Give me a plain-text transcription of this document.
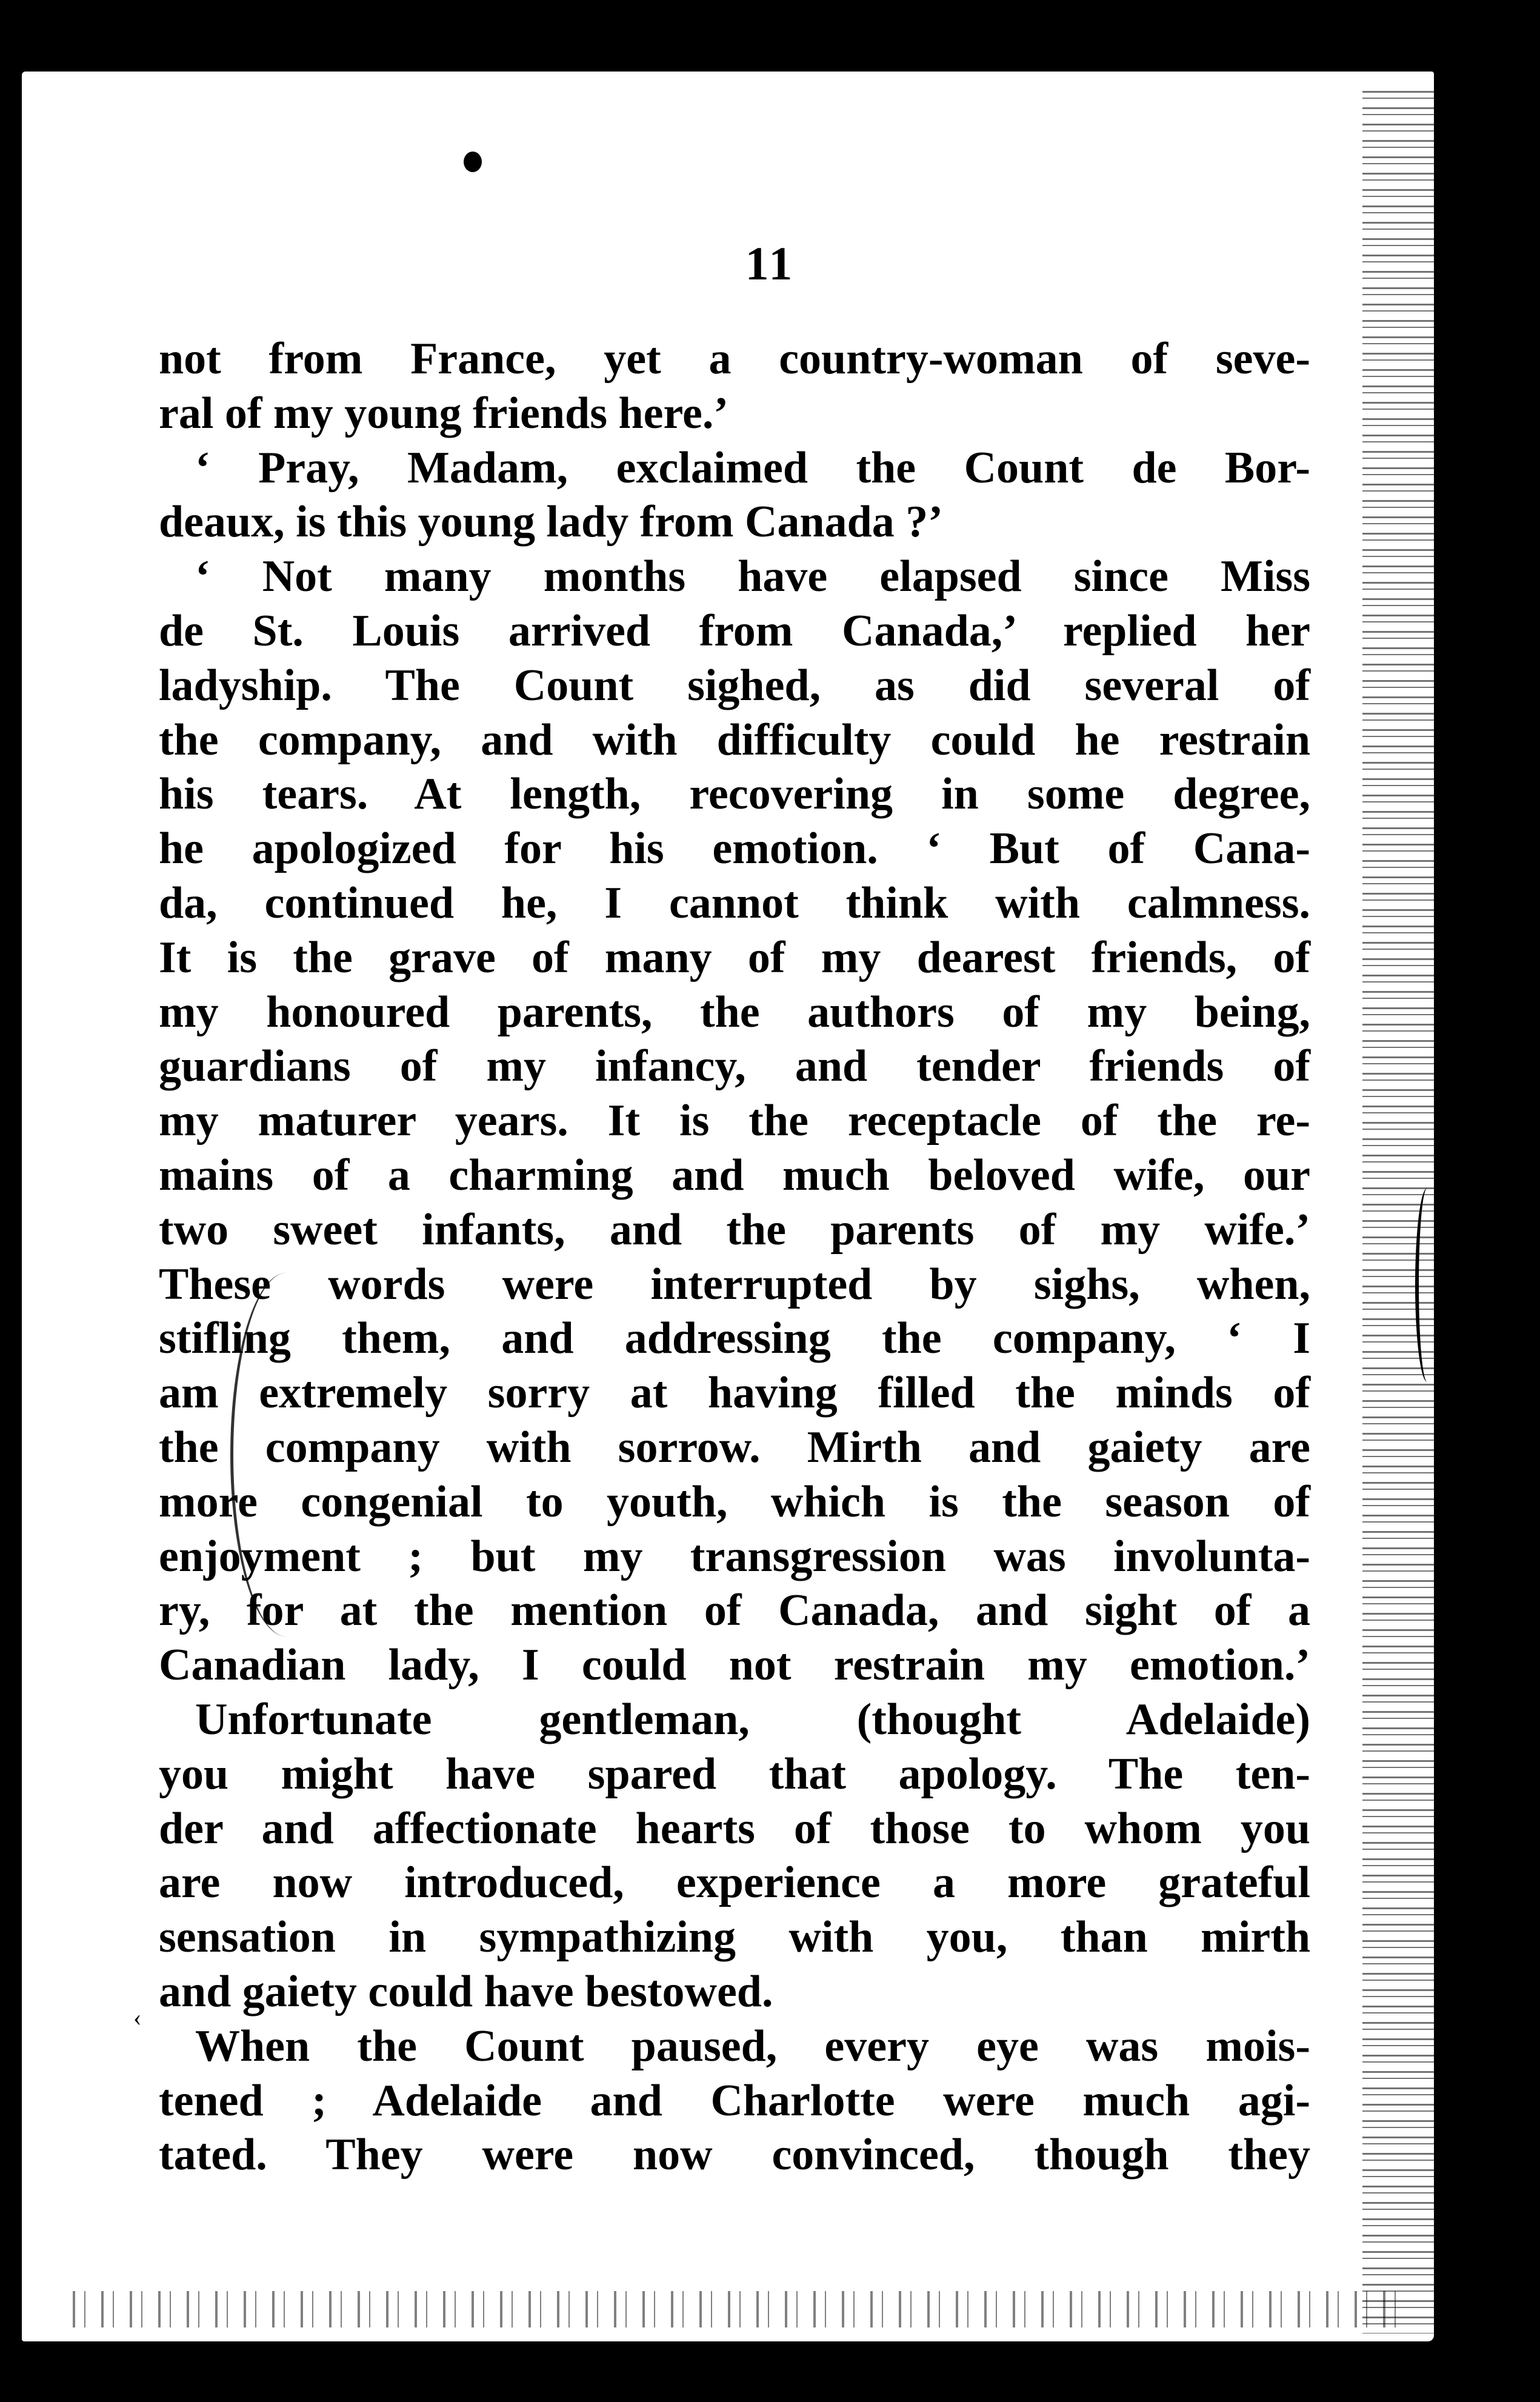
11
not from France, yet a country-woman of seve-
ral of my young friends here.’
‘ Pray, Madam, exclaimed the Count de Bor-
deaux, is this young lady from Canada ?’
‘ Not many months have elapsed since Miss
de St. Louis arrived from Canada,’ replied her
ladyship. The Count sighed, as did several of
the company, and with difficulty could he restrain
his tears. At length, recovering in some degree,
he apologized for his emotion. ‘ But of Cana-
da, continued he, I cannot think with calmness.
It is the grave of many of my dearest friends, of
my honoured parents, the authors of my being,
guardians of my infancy, and tender friends of
my maturer years. It is the receptacle of the re-
mains of a charming and much beloved wife, our
two sweet infants, and the parents of my wife.’
These words were interrupted by sighs, when,
stifling them, and addressing the company, ‘ I
am extremely sorry at having filled the minds of
the company with sorrow. Mirth and gaiety are
more congenial to youth, which is the season of
enjoyment ; but my transgression was involunta-
ry, for at the mention of Canada, and sight of a
Canadian lady, I could not restrain my emotion.’
Unfortunate gentleman, (thought Adelaide)
you might have spared that apology. The ten-
der and affectionate hearts of those to whom you
are now introduced, experience a more grateful
sensation in sympathizing with you, than mirth
and gaiety could have bestowed.
When the Count paused, every eye was mois-
tened ; Adelaide and Charlotte were much agi-
tated. They were now convinced, though they
‹
